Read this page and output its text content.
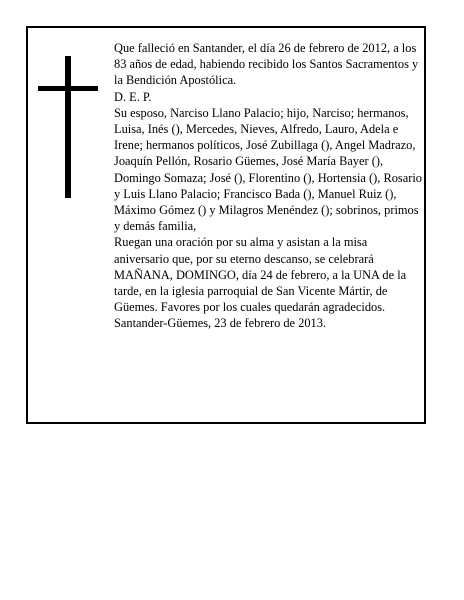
Que falleció en Santander, el día 26 de febrero de 2012, a los 83 años de edad, habiendo recibido los Santos Sacramentos y la Bendición Apostólica.

D. E. P.

Su esposo, Narciso Llano Palacio; hijo, Narciso; hermanos, Luisa, Inés (), Mercedes, Nieves, Alfredo, Lauro, Adela e Irene; hermanos políticos, José Zubillaga (), Angel Madrazo, Joaquín Pellón, Rosario Güemes, José María Bayer (), Domingo Somaza; José (), Florentino (), Hortensia (), Rosario y Luis Llano Palacio; Francisco Bada (), Manuel Ruiz (), Máximo Gómez () y Milagros Menéndez (); sobrinos, primos y demás familia,

Ruegan una oración por su alma y asistan a la misa aniversario que, por su eterno descanso, se celebrará MAÑANA, DOMINGO, día 24 de febrero, a la UNA de la tarde, en la iglesia parroquial de San Vicente Mártir, de Güemes. Favores por los cuales quedarán agradecidos.

Santander-Güemes, 23 de febrero de 2013.
